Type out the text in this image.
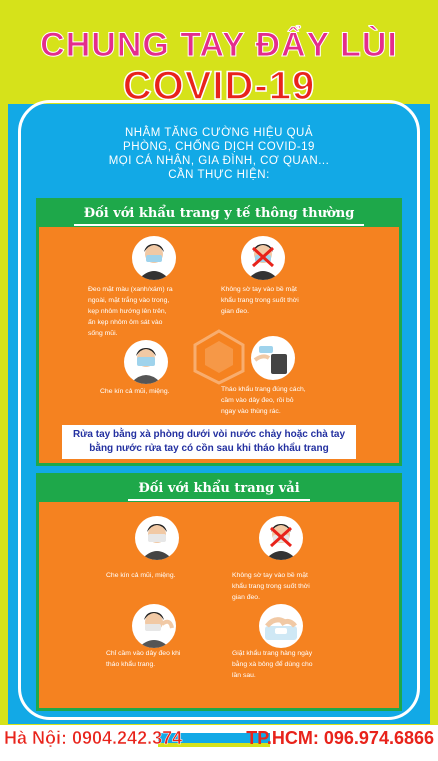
CHUNG TAY ĐẨY LÙI
COVID-19
NHẰM TĂNG CƯỜNG HIỆU QUẢ
PHÒNG, CHỐNG DỊCH COVID-19
MỌI CÁ NHÂN, GIA ĐÌNH, CƠ QUAN...
CẦN THỰC HIỆN:
Đối với khẩu trang y tế thông thường
Đeo mặt màu (xanh/xám) ra
ngoài, mặt trắng vào trong,
kẹp nhôm hướng lên trên,
ấn kẹp nhôm ôm sát vào
sống mũi.
Không sờ tay vào bề mặt
khẩu trang trong suốt thời
gian đeo.
Che kín cả mũi, miệng.	Tháo khẩu trang đúng cách,
cầm vào dây đeo, rồi bỏ
ngay vào thùng rác.
Rửa tay bằng xà phòng dưới vòi nước chảy hoặc chà tay
bằng nước rửa tay có cồn sau khi tháo khẩu trang
Đối với khẩu trang vải
Che kín cả mũi, miệng.	Không sờ tay vào bề mặt
khẩu trang trong suốt thời
gian đeo.
Chỉ cầm vào dây đeo khi
tháo khẩu trang.
Giặt khẩu trang hàng ngày
bằng xà bông để dùng cho
lần sau.
Hà Nội: 0904.242.374	TP.HCM: 096.974.6866
